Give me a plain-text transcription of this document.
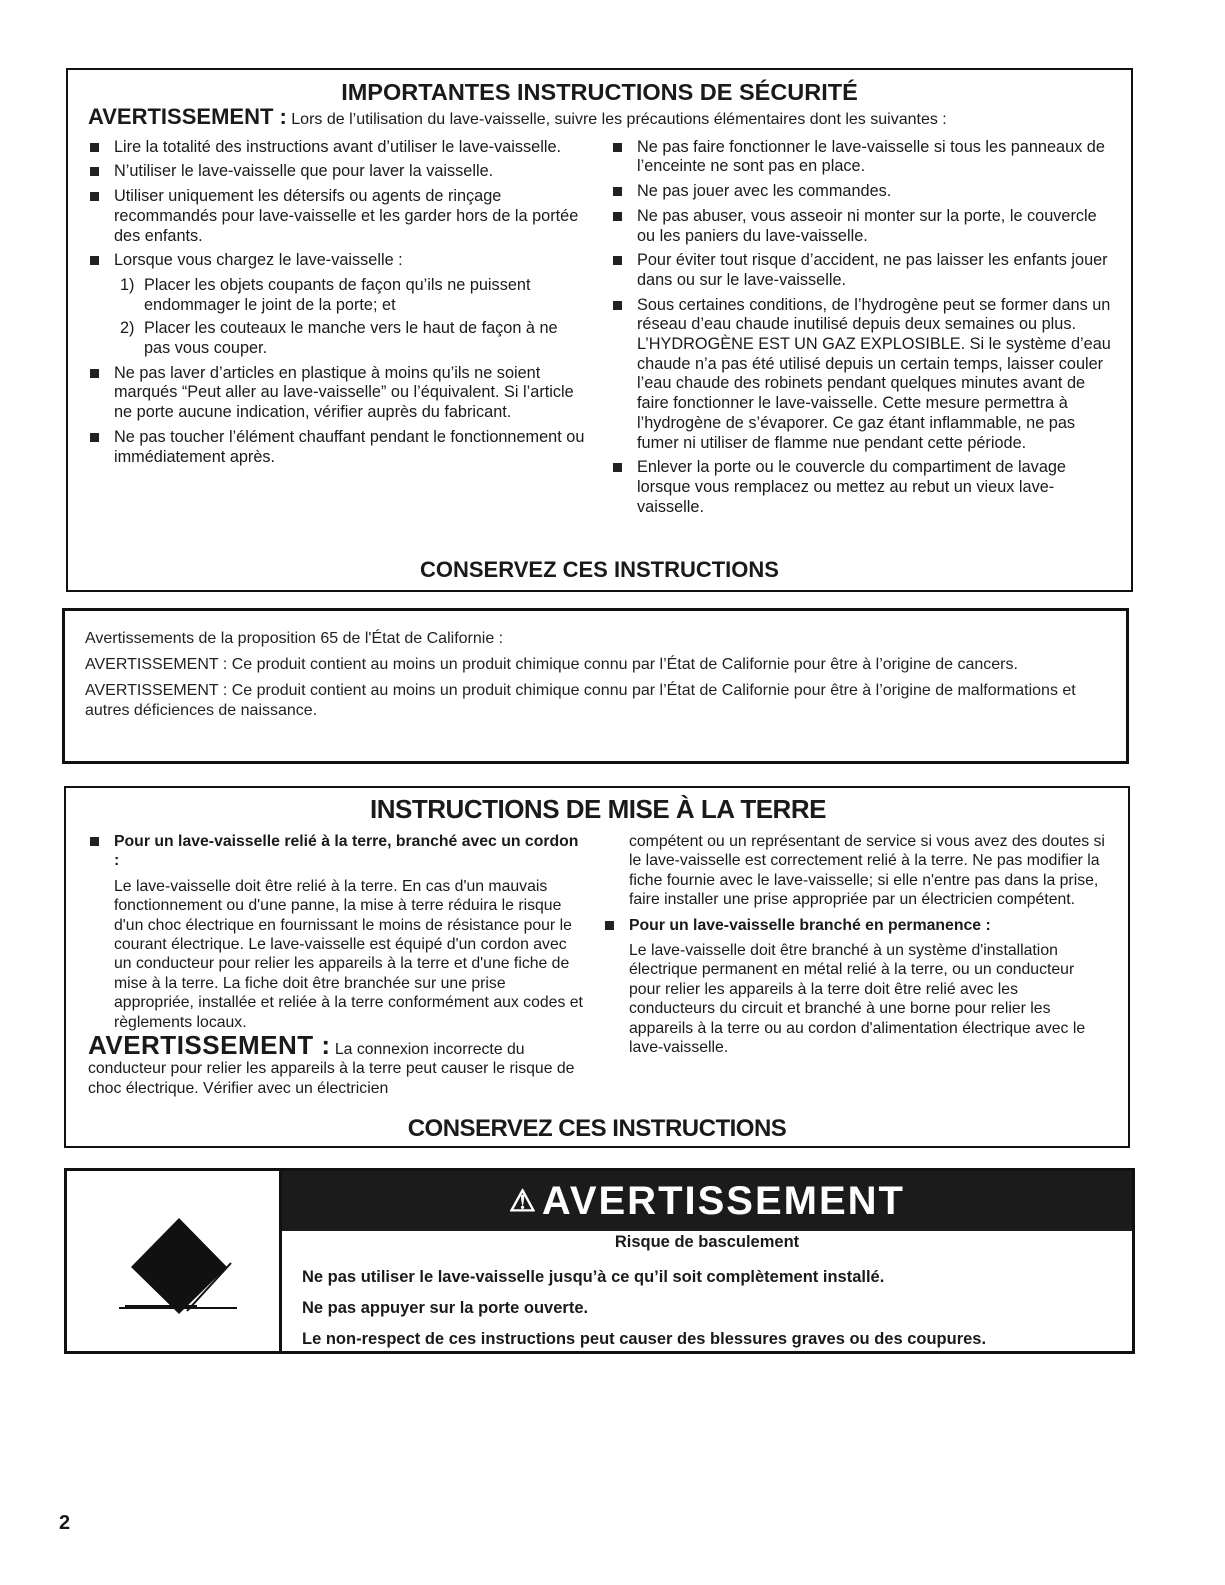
IMPORTANTES INSTRUCTIONS DE SÉCURITÉ
AVERTISSEMENT : Lors de l’utilisation du lave-vaisselle, suivre les précautions élémentaires dont les suivantes :
Lire la totalité des instructions avant d’utiliser le lave-vaisselle.
N’utiliser le lave-vaisselle que pour laver la vaisselle.
Utiliser uniquement les détersifs ou agents de rinçage recommandés pour lave-vaisselle et les garder hors de la portée des enfants.
Lorsque vous chargez le lave-vaisselle :
1) Placer les objets coupants de façon qu’ils ne puissent endommager le joint de la porte; et
2) Placer les couteaux le manche vers le haut de façon à ne pas vous couper.
Ne pas laver d’articles en plastique à moins qu’ils ne soient marqués “Peut aller au lave-vaisselle” ou l’équivalent. Si l’article ne porte aucune indication, vérifier auprès du fabricant.
Ne pas toucher l’élément chauffant pendant le fonctionnement ou immédiatement après.
Ne pas faire fonctionner le lave-vaisselle si tous les panneaux de l’enceinte ne sont pas en place.
Ne pas jouer avec les commandes.
Ne pas abuser, vous asseoir ni monter sur la porte, le couvercle ou les paniers du lave-vaisselle.
Pour éviter tout risque d’accident, ne pas laisser les enfants jouer dans ou sur le lave-vaisselle.
Sous certaines conditions, de l’hydrogène peut se former dans un réseau d’eau chaude inutilisé depuis deux semaines ou plus. L’HYDROGÈNE EST UN GAZ EXPLOSIBLE. Si le système d’eau chaude n’a pas été utilisé depuis un certain temps, laisser couler l’eau chaude des robinets pendant quelques minutes avant de faire fonctionner le lave-vaisselle. Cette mesure permettra à l’hydrogène de s’évaporer. Ce gaz étant inflammable, ne pas fumer ni utiliser de flamme nue pendant cette période.
Enlever la porte ou le couvercle du compartiment de lavage lorsque vous remplacez ou mettez au rebut un vieux lave-vaisselle.
CONSERVEZ CES INSTRUCTIONS

Avertissements de la proposition 65 de l'État de Californie :

AVERTISSEMENT : Ce produit contient au moins un produit chimique connu par l’État de Californie pour être à l’origine de cancers.

AVERTISSEMENT : Ce produit contient au moins un produit chimique connu par l’État de Californie pour être à l’origine de malformations et autres déficiences de naissance.

INSTRUCTIONS DE MISE À LA TERRE
Pour un lave-vaisselle relié à la terre, branché avec un cordon :
Le lave-vaisselle doit être relié à la terre. En cas d'un mauvais fonctionnement ou d'une panne, la mise à terre réduira le risque d'un choc électrique en fournissant le moins de résistance pour le courant électrique. Le lave-vaisselle est équipé d'un cordon avec un conducteur pour relier les appareils à la terre et d'une fiche de mise à la terre. La fiche doit être branchée sur une prise appropriée, installée et reliée à la terre conformément aux codes et règlements locaux.
AVERTISSEMENT : La connexion incorrecte du conducteur pour relier les appareils à la terre peut causer le risque de choc électrique. Vérifier avec un électricien
compétent ou un représentant de service si vous avez des doutes si le lave-vaisselle est correctement relié à la terre. Ne pas modifier la fiche fournie avec le lave-vaisselle; si elle n'entre pas dans la prise, faire installer une prise appropriée par un électricien compétent.
Pour un lave-vaisselle branché en permanence :
Le lave-vaisselle doit être branché à un système d'installation électrique permanent en métal relié à la terre, ou un conducteur pour relier les appareils à la terre doit être relié avec les conducteurs du circuit et branché à une borne pour relier les appareils à la terre ou au cordon d'alimentation électrique avec le lave-vaisselle.
CONSERVEZ CES INSTRUCTIONS
⚠ AVERTISSEMENT
Risque de basculement
Ne pas utiliser le lave-vaisselle jusqu’à ce qu’il soit complètement installé.
Ne pas appuyer sur la porte ouverte.
Le non-respect de ces instructions peut causer des blessures graves ou des coupures.
2
